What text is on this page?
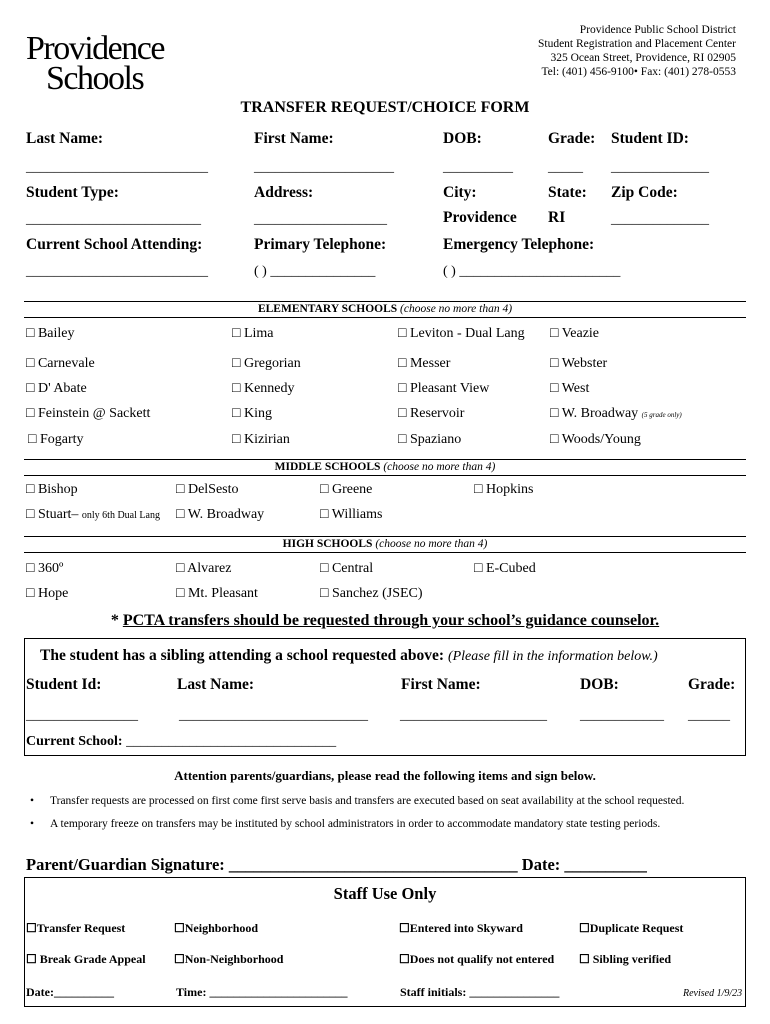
Providence
Schools
Providence Public School District
Student Registration and Placement Center
325 Ocean Street, Providence, RI 02905
Tel: (401) 456-9100• Fax: (401) 278-0553
TRANSFER REQUEST/CHOICE FORM
Last Name:	First Name:	DOB:	Grade: Student ID:
__________________________	____________________	__________	_____ ______________
Student Type:	Address:	City:	State: Zip Code:
_________________________	___________________	Providence RI	______________
Current School Attending:	Primary Telephone:	Emergency Telephone:
__________________________	( ) _______________	( ) _______________________
ELEMENTARY SCHOOLS (choose no more than 4)
□ Bailey	□ Lima	□ Leviton - Dual Lang □ Veazie
□ Carnevale	□ Gregorian	□ Messer	□ Webster
□ D' Abate	□ Kennedy	□ Pleasant View	□ West
□ Feinstein @ Sackett	□ King	□ Reservoir	□ W. Broadway (5 grade only)
□ Fogarty	□ Kizirian	□ Spaziano	□ Woods/Young
MIDDLE SCHOOLS (choose no more than 4)
□ Bishop	□ DelSesto	□ Greene	□ Hopkins
□ Stuart– only 6th Dual Lang □ W. Broadway	□ Williams
HIGH SCHOOLS (choose no more than 4)
□ 360º	□ Alvarez	□ Central	□ E-Cubed
□ Hope	□ Mt. Pleasant	□ Sanchez (JSEC)
* PCTA transfers should be requested through your school’s guidance counselor.
The student has a sibling attending a school requested above: (Please fill in the information below.)
Student Id:	Last Name:	First Name:	DOB:	Grade:
________________	___________________________ _____________________ ____________ ______
Current School: ______________________________
Attention parents/guardians, please read the following items and sign below.
• Transfer requests are processed on first come first serve basis and transfers are executed based on seat availability at the school requested.
• A temporary freeze on transfers may be instituted by school administrators in order to accommodate mandatory state testing periods.
Parent/Guardian Signature: ___________________________________ Date: __________
Staff Use Only
☐Transfer Request	☐Neighborhood	☐Entered into Skyward	☐Duplicate Request
☐ Break Grade Appeal ☐Non-Neighborhood	☐Does not qualify not entered ☐ Sibling verified
Date:__________	Time: _______________________	Staff initials: _______________	Revised 1/9/23
